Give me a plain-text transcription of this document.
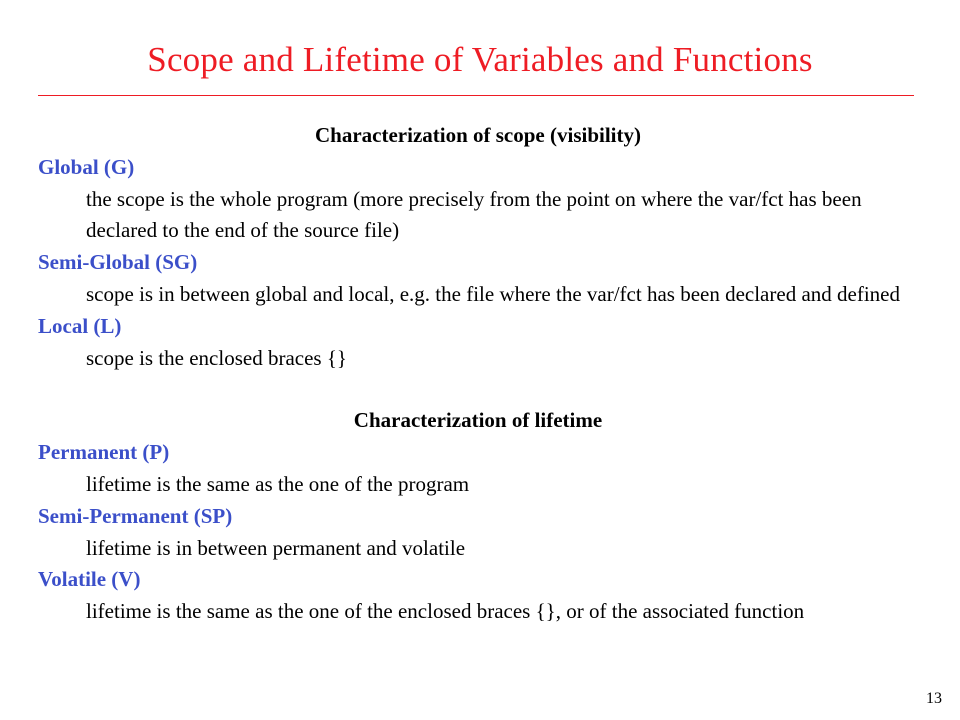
Scope and Lifetime of Variables and Functions
Characterization of scope (visibility)
Global (G)
the scope is the whole program (more precisely from the point on where the var/fct has been declared to the end of the source file)
Semi-Global (SG)
scope is in between global and local, e.g. the file where the var/fct has been declared and defined
Local (L)
scope is the enclosed braces {}
Characterization of lifetime
Permanent (P)
lifetime is the same as the one of the program
Semi-Permanent (SP)
lifetime is in between permanent and volatile
Volatile (V)
lifetime is the same as the one of the enclosed braces {}, or of the associated function
13
